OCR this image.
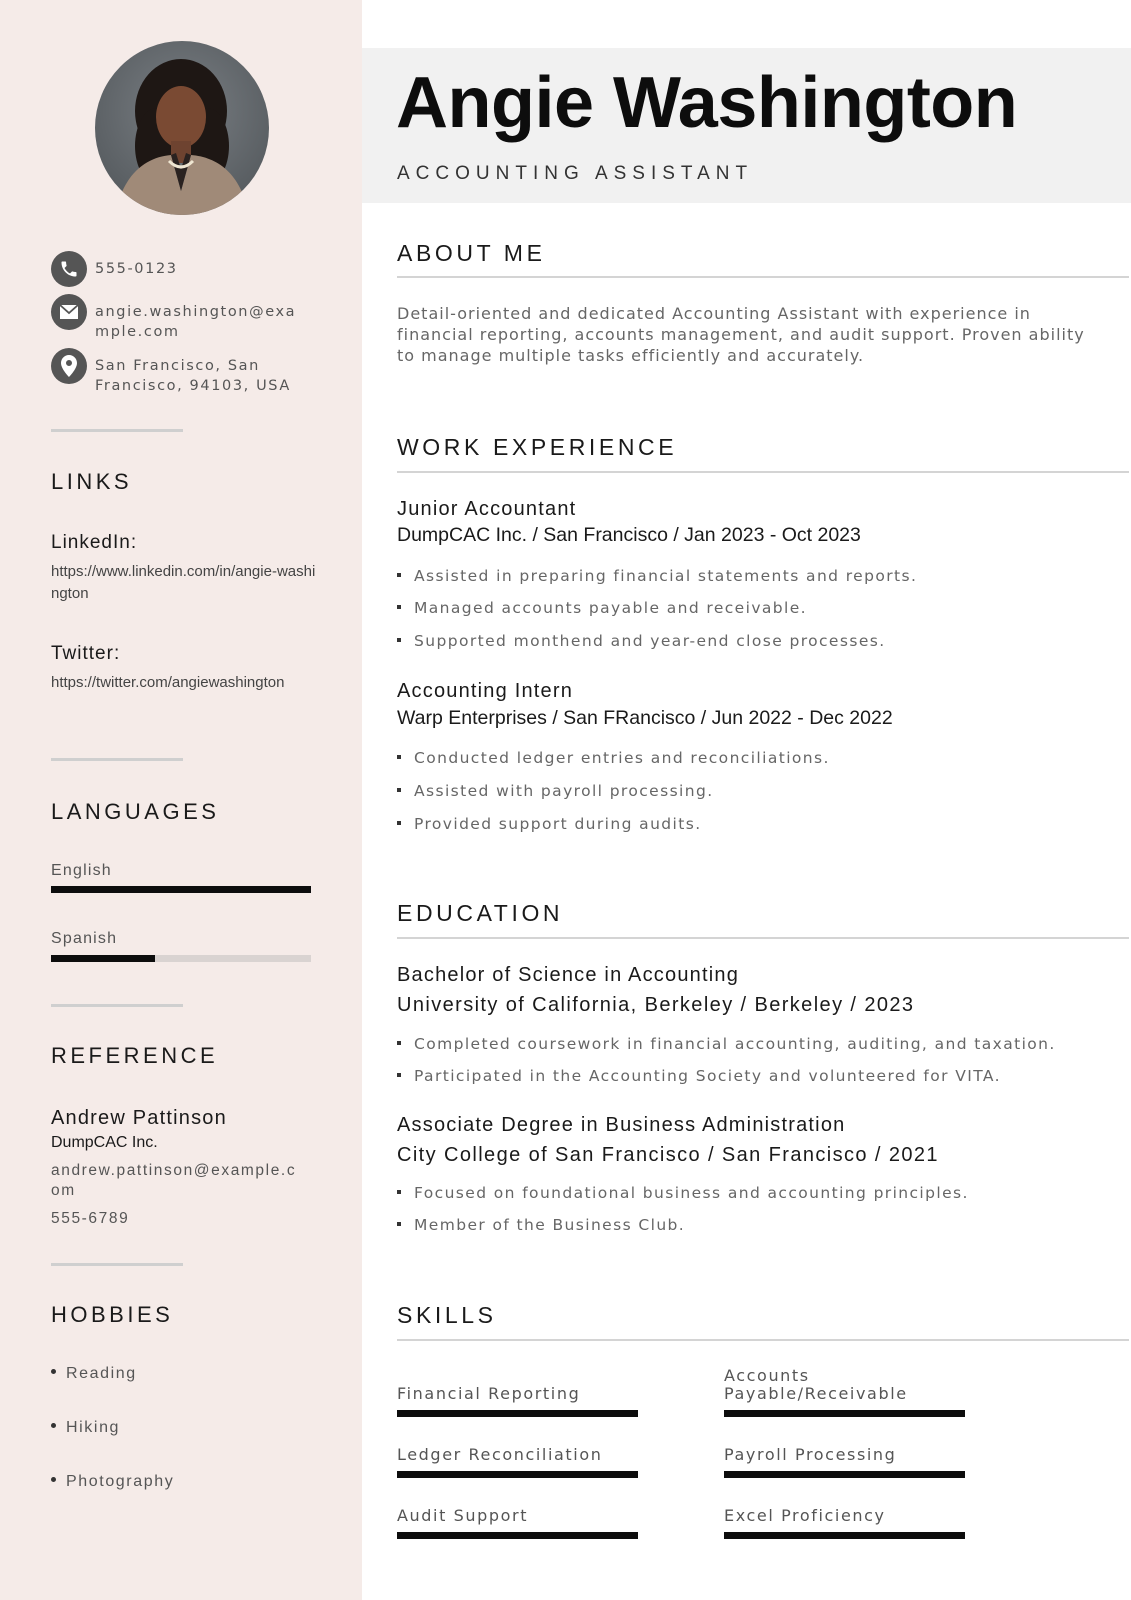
555-0123
angie.washington@example.com
San Francisco, San Francisco, 94103, USA
LINKS
LinkedIn:
https://www.linkedin.com/in/angie-washington
Twitter:
https://twitter.com/angiewashington
LANGUAGES
English
Spanish
REFERENCE
Andrew Pattinson
DumpCAC Inc.
andrew.pattinson@example.com
555-6789
HOBBIES
Reading
Hiking
Photography
Angie Washington
ACCOUNTING ASSISTANT
ABOUT ME
Detail-oriented and dedicated Accounting Assistant with experience in financial reporting, accounts management, and audit support. Proven ability to manage multiple tasks efficiently and accurately.
WORK EXPERIENCE
Junior Accountant
DumpCAC Inc. / San Francisco / Jan 2023 - Oct 2023
Assisted in preparing financial statements and reports.
Managed accounts payable and receivable.
Supported monthend and year-end close processes.
Accounting Intern
Warp Enterprises / San FRancisco / Jun 2022 - Dec 2022
Conducted ledger entries and reconciliations.
Assisted with payroll processing.
Provided support during audits.
EDUCATION
Bachelor of Science in Accounting
University of California, Berkeley / Berkeley / 2023
Completed coursework in financial accounting, auditing, and taxation.
Participated in the Accounting Society and volunteered for VITA.
Associate Degree in Business Administration
City College of San Francisco / San Francisco / 2021
Focused on foundational business and accounting principles.
Member of the Business Club.
SKILLS
Financial Reporting
Accounts Payable/Receivable
Ledger Reconciliation	Payroll Processing
Audit Support	Excel Proficiency
